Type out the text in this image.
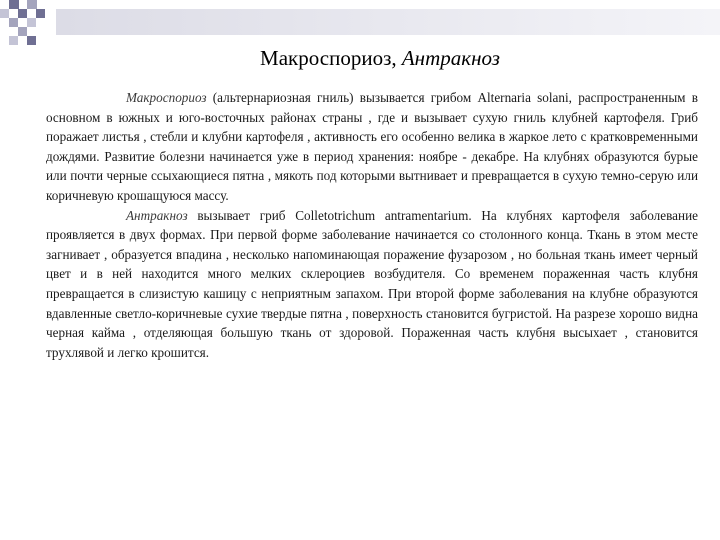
Макроспориоз, Антракноз

Макроспориоз (альтернариозная гниль) вызывается грибом Alternaria solani, распространенным в основном в южных и юго-восточных районах страны , где и вызывает сухую гниль клубней картофеля. Гриб поражает листья , стебли и клубни картофеля , активность его особенно велика в жаркое лето с кратковременными дождями. Развитие болезни начинается уже в период хранения: ноябре - декабре. На клубнях образуются бурые или почти черные ссыхающиеся пятна , мякоть под которыми вытнивает и превращается в сухую темно-серую или коричневую крошащуюся массу.

Антракноз вызывает гриб Colletotrichum antramentarium. На клубнях картофеля заболевание проявляется в двух формах. При первой форме заболевание начинается со столонного конца. Ткань в этом месте загнивает , образуется впадина , несколько напоминающая поражение фузарозом , но больная ткань имеет черный цвет и в ней находится много мелких склероциев возбудителя. Со временем пораженная часть клубня превращается в слизистую кашицу с неприятным запахом. При второй форме заболевания на клубне образуются вдавленные светло-коричневые сухие твердые пятна , поверхность становится бугристой. На разрезе хорошо видна черная кайма , отделяющая большую ткань от здоровой. Пораженная часть клубня высыхает , становится трухлявой и легко крошится.
